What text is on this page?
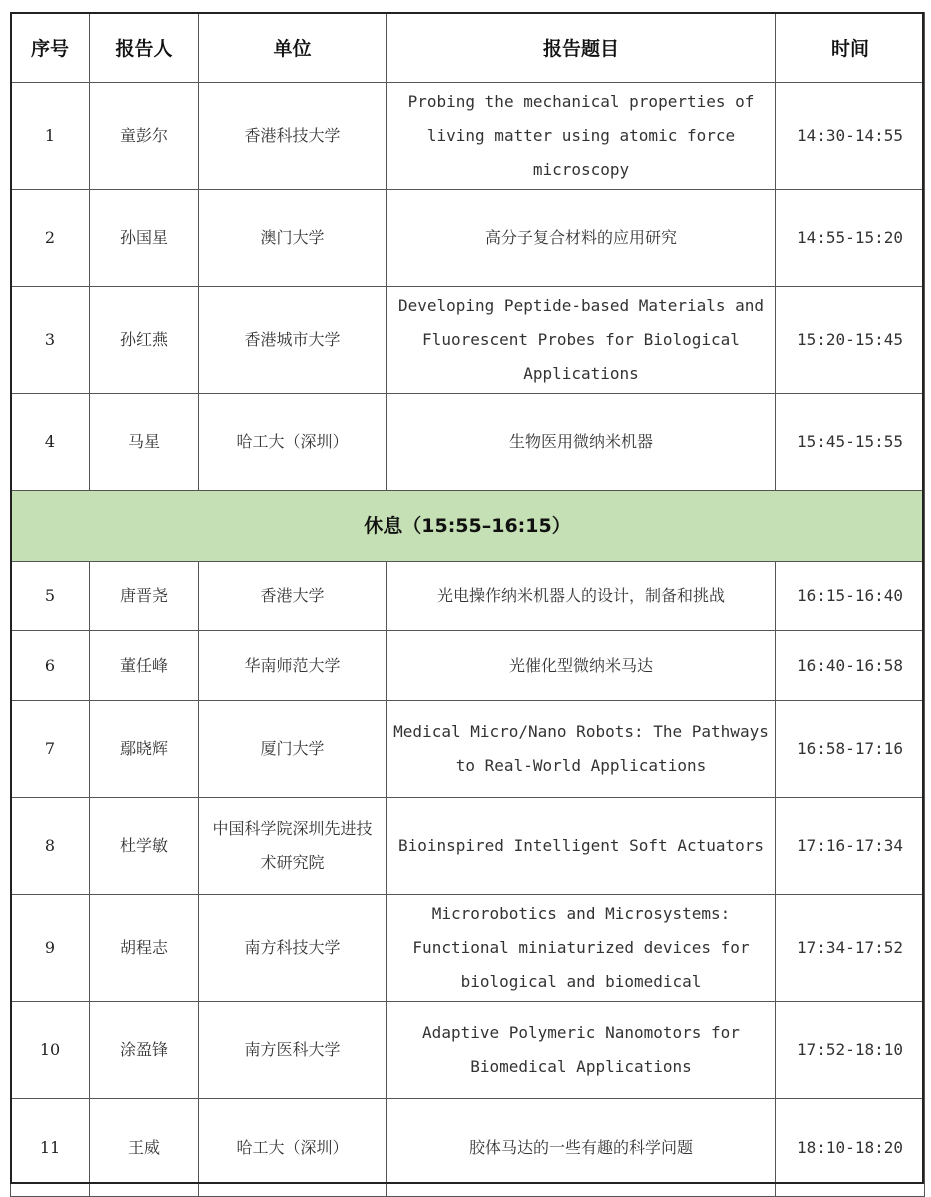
序号	报告人	单位	报告题目	时间
1	童彭尔	香港科技大学	Probing the mechanical properties of living matter using atomic force microscopy	14:30-14:55
2	孙国星	澳门大学	高分子复合材料的应用研究	14:55-15:20
3	孙红燕	香港城市大学	Developing Peptide-based Materials and Fluorescent Probes for Biological Applications	15:20-15:45
4	马星	哈工大（深圳）	生物医用微纳米机器	15:45-15:55
休息（15:55–16:15）				
5	唐晋尧	香港大学	光电操作纳米机器人的设计，制备和挑战	16:15-16:40
6	董任峰	华南师范大学	光催化型微纳米马达	16:40-16:58
7	鄢晓辉	厦门大学	Medical Micro/Nano Robots: The Pathways to Real-World Applications	16:58-17:16
8	杜学敏	中国科学院深圳先进技术研究院	Bioinspired Intelligent Soft Actuators	17:16-17:34
9	胡程志	南方科技大学	Microrobotics and Microsystems: Functional miniaturized devices for biological and biomedical	17:34-17:52
10	涂盈锋	南方医科大学	Adaptive Polymeric Nanomotors for Biomedical Applications	17:52-18:10
11	王威	哈工大（深圳）	胶体马达的一些有趣的科学问题	18:10-18:20
